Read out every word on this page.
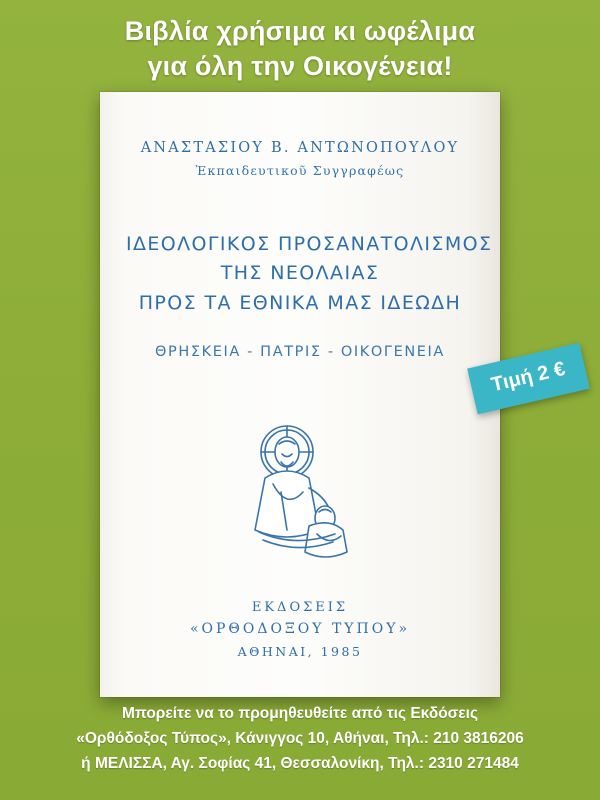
Βιβλία χρήσιμα κι ωφέλιμα
για όλη την Οικογένεια!
ΑΝΑΣΤΑΣΙΟΥ Β. ΑΝΤΩΝΟΠΟΥΛΟΥ
Ἐκπαιδευτικοῦ Συγγραφέως
ΙΔΕΟΛΟΓΙΚΟΣ ΠΡΟΣΑΝΑΤΟΛΙΣΜΟΣ
ΤΗΣ ΝΕΟΛΑΙΑΣ
ΠΡΟΣ ΤΑ ΕΘΝΙΚΑ ΜΑΣ ΙΔΕΩΔΗ
ΘΡΗΣΚΕΙΑ - ΠΑΤΡΙΣ - ΟΙΚΟΓΕΝΕΙΑ
ΕΚΔΟΣΕΙΣ
«ΟΡΘΟΔΟΞΟΥ ΤΥΠΟΥ»
ΑΘΗΝΑΙ, 1985
Τιμή 2 €
Μπορείτε να το προμηθευθείτε από τις Εκδόσεις
«Ορθόδοξος Τύπος», Κάνιγγος 10, Αθήναι, Τηλ.: 210 3816206
ή ΜΕΛΙΣΣΑ, Αγ. Σοφίας 41, Θεσσαλονίκη, Τηλ.: 2310 271484
